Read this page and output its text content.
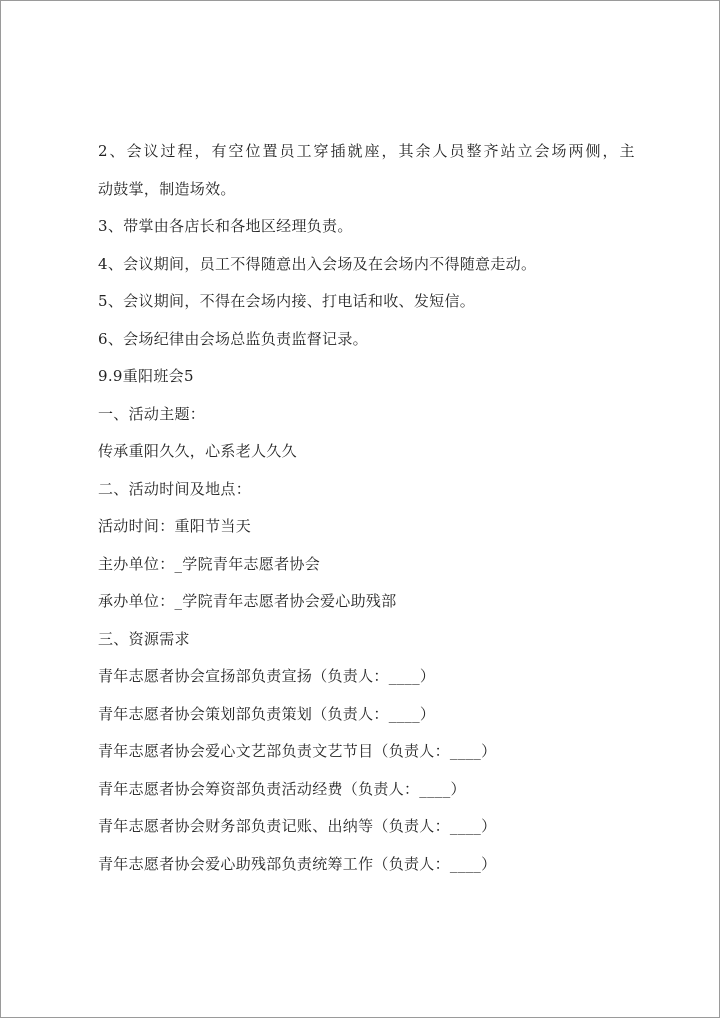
2、会议过程，有空位置员工穿插就座，其余人员整齐站立会场两侧，主
动鼓掌，制造场效。
3、带掌由各店长和各地区经理负责。
4、会议期间，员工不得随意出入会场及在会场内不得随意走动。
5、会议期间，不得在会场内接、打电话和收、发短信。
6、会场纪律由会场总监负责监督记录。
9.9重阳班会5
一、活动主题：
传承重阳久久，心系老人久久
二、活动时间及地点：
活动时间：重阳节当天
主办单位：_学院青年志愿者协会
承办单位：_学院青年志愿者协会爱心助残部
三、资源需求
青年志愿者协会宣扬部负责宣扬（负责人：____）
青年志愿者协会策划部负责策划（负责人：____）
青年志愿者协会爱心文艺部负责文艺节目（负责人：____）
青年志愿者协会筹资部负责活动经费（负责人：____）
青年志愿者协会财务部负责记账、出纳等（负责人：____）
青年志愿者协会爱心助残部负责统筹工作（负责人：____）
